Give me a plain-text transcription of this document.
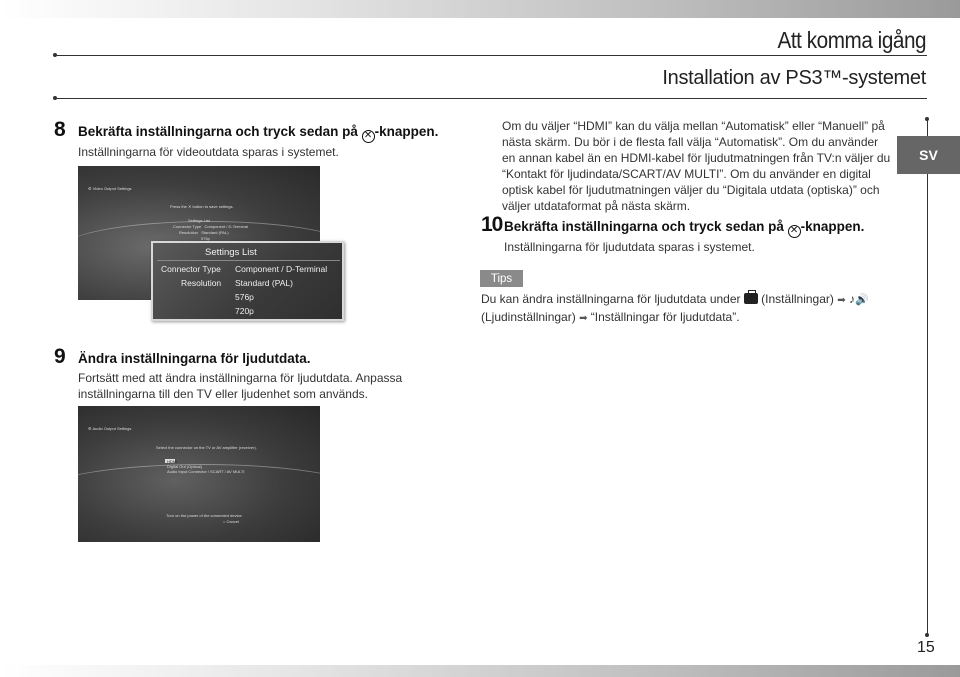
Att komma igång
Installation av PS3™-systemet
SV
8 Bekräfta inställningarna och tryck sedan på ✕ -knappen.
Inställningarna för videoutdata sparas i systemet.
⚙ Video Output Settings
Press the ✕ button to save settings.
Settings List
Connector Type Component / D-Terminal
Resolution Standard (PAL)
576p
Settings List
Connector Type Component / D-Terminal
Resolution Standard (PAL)
576p
720p
Om du väljer “HDMI” kan du välja mellan “Automatisk” eller “Manuell” på nästa skärm. Du bör i de flesta fall välja “Automatisk”. Om du använder en annan kabel än en HDMI-kabel för ljudutmatningen från TV:n väljer du “Kontakt för ljudindata/SCART/AV MULTI”. Om du använder en digital optisk kabel för ljudutmatningen väljer du “Digitala utdata (optiska)” och väljer utdataformat på nästa skärm.
10 Bekräfta inställningarna och tryck sedan på ✕ -knappen.
Inställningarna för ljudutdata sparas i systemet.
Tips
Du kan ändra inställningarna för ljudutdata under  (Inställningar) ➡ ♪🔊
(Ljudinställningar) ➡ “Inställningar för ljudutdata”.
9 Ändra inställningarna för ljudutdata.
Fortsätt med att ändra inställningarna för ljudutdata. Anpassa inställningarna till den TV eller ljudenhet som används.
⚙ Audio Output Settings
Select the connector on the TV or AV amplifier (receiver).
HDMI
Digital Out (Optical)
Audio Input Connector / SCART / AV MULTI
Turn on the power of the connected device.
○ Cancel
15
